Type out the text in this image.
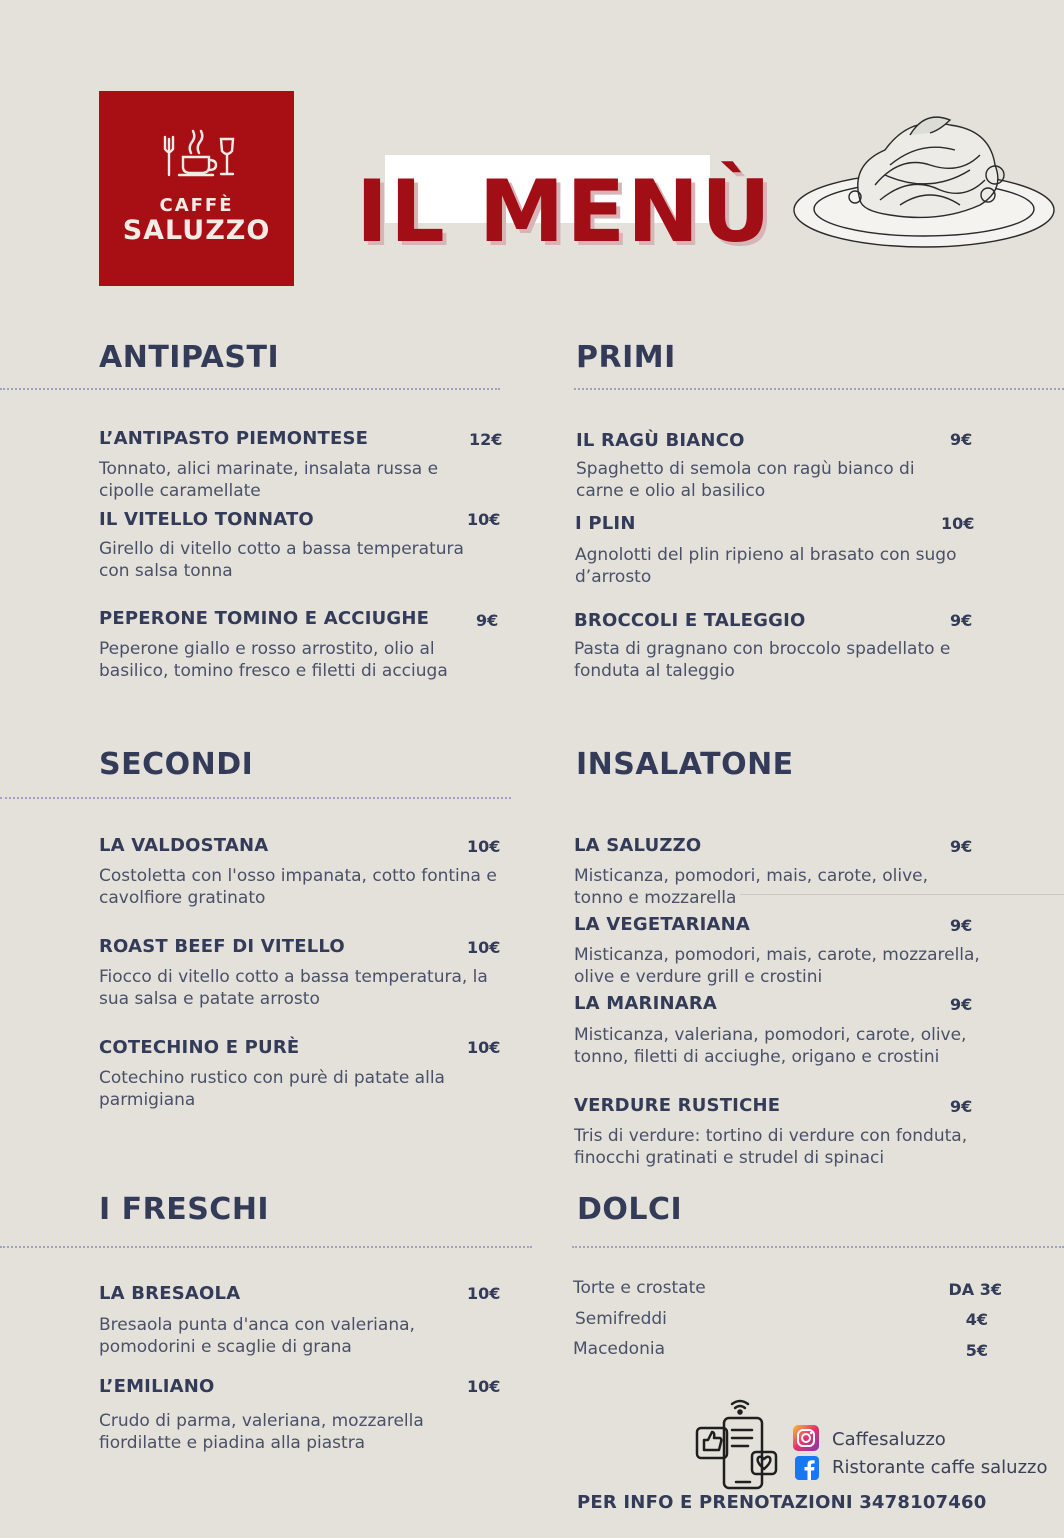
CAFFÈ
SALUZZO IL MENÙ
ANTIPASTI
L’ANTIPASTO PIEMONTESE	12€
Tonnato, alici marinate, insalata russa e cipolle caramellate
IL VITELLO TONNATO	10€
Girello di vitello cotto a bassa temperatura con salsa tonna
PEPERONE TOMINO E ACCIUGHE	9€
Peperone giallo e rosso arrostito, olio al basilico, tomino fresco e filetti di acciuga
PRIMI
IL RAGÙ BIANCO	9€
Spaghetto di semola con ragù bianco di carne e olio al basilico
I PLIN	10€
Agnolotti del plin ripieno al brasato con sugo d’arrosto
BROCCOLI E TALEGGIO	9€
Pasta di gragnano con broccolo spadellato e fonduta al taleggio
SECONDI
LA VALDOSTANA	10€
Costoletta con l'osso impanata, cotto fontina e cavolfiore gratinato
ROAST BEEF DI VITELLO	10€
Fiocco di vitello cotto a bassa temperatura, la sua salsa e patate arrosto
COTECHINO E PURÈ	10€
Cotechino rustico con purè di patate alla parmigiana
INSALATONE
LA SALUZZO	9€
Misticanza, pomodori, mais, carote, olive, tonno e mozzarella
LA VEGETARIANA	9€
Misticanza, pomodori, mais, carote, mozzarella, olive e verdure grill e crostini
LA MARINARA	9€
Misticanza, valeriana, pomodori, carote, olive, tonno, filetti di acciughe, origano e crostini
VERDURE RUSTICHE	9€
Tris di verdure: tortino di verdure con fonduta, finocchi gratinati e strudel di spinaci
I FRESCHI
LA BRESAOLA	10€
Bresaola punta d'anca con valeriana, pomodorini e scaglie di grana
L’EMILIANO	10€
Crudo di parma, valeriana, mozzarella fiordilatte e piadina alla piastra
DOLCI
Torte e crostate	DA 3€
Semifreddi	4€
Macedonia	5€
Caffesaluzzo
Ristorante caffe saluzzo
PER INFO E PRENOTAZIONI 3478107460
